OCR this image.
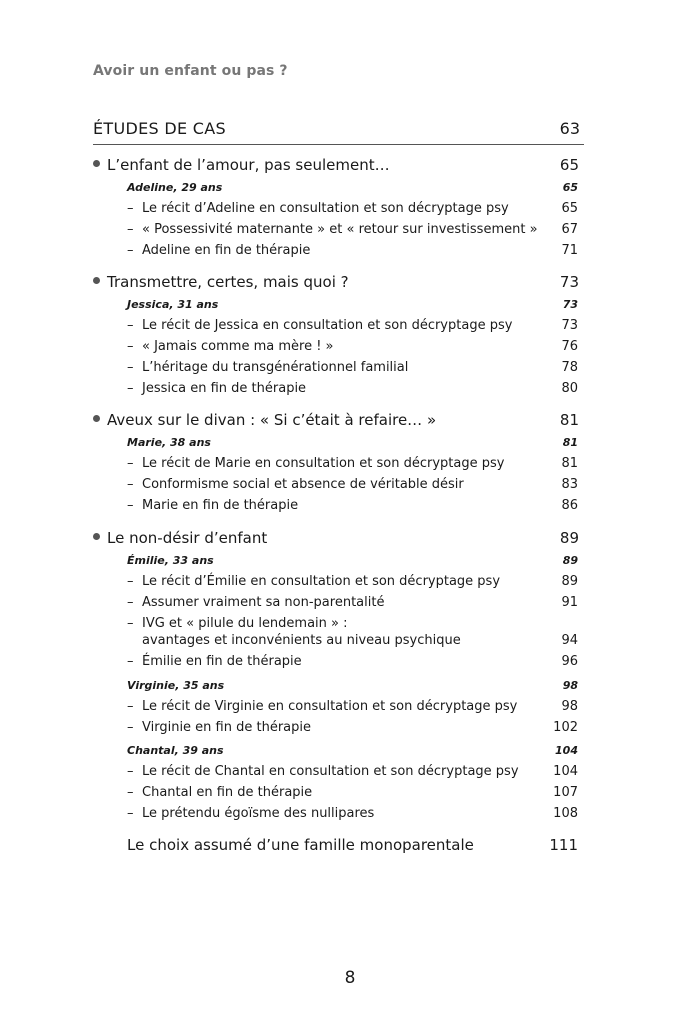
Avoir un enfant ou pas ?
ÉTUDES DE CAS	63
L’enfant de l’amour, pas seulement…	65
Adeline, 29 ans	65
– Le récit d’Adeline en consultation et son décryptage psy	65
– « Possessivité maternante » et « retour sur investissement » 67
– Adeline en fin de thérapie	71
Transmettre, certes, mais quoi ?	73
Jessica, 31 ans	73
– Le récit de Jessica en consultation et son décryptage psy	73
– « Jamais comme ma mère ! »	76
– L’héritage du transgénérationnel familial	78
– Jessica en fin de thérapie	80
Aveux sur le divan : « Si c’était à refaire… »	81
Marie, 38 ans	81
– Le récit de Marie en consultation et son décryptage psy	81
– Conformisme social et absence de véritable désir	83
– Marie en fin de thérapie	86
Le non-désir d’enfant	89
Émilie, 33 ans	89
– Le récit d’Émilie en consultation et son décryptage psy	89
– Assumer vraiment sa non-parentalité	91
– IVG et « pilule du lendemain » :
avantages et inconvénients au niveau psychique	94
– Émilie en fin de thérapie	96
Virginie, 35 ans	98
– Le récit de Virginie en consultation et son décryptage psy	98
– Virginie en fin de thérapie	102
Chantal, 39 ans	104
– Le récit de Chantal en consultation et son décryptage psy	104
– Chantal en fin de thérapie	107
– Le prétendu égoïsme des nullipares	108
Le choix assumé d’une famille monoparentale	111
8
